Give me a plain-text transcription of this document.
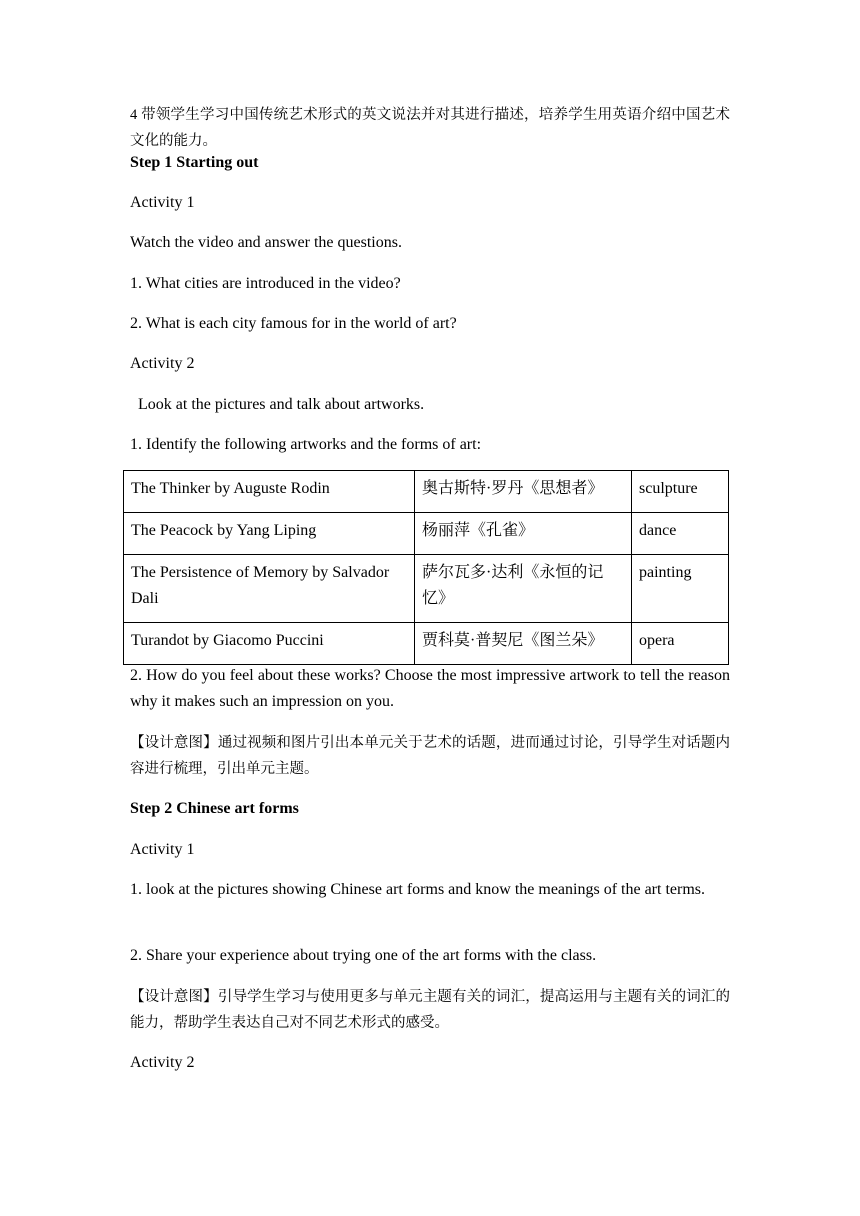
4 带领学生学习中国传统艺术形式的英文说法并对其进行描述，培养学生用英语介绍中国艺术文化的能力。

Step 1 Starting out

Activity 1

Watch the video and answer the questions.

1. What cities are introduced in the video?

2. What is each city famous for in the world of art?

Activity 2

Look at the pictures and talk about artworks.

1. Identify the following artworks and the forms of art:

The Thinker by Auguste Rodin	奥古斯特·罗丹《思想者》	sculpture
The Peacock by Yang Liping	杨丽萍《孔雀》	dance
The Persistence of Memory by Salvador Dali	萨尔瓦多·达利《永恒的记忆》	painting
Turandot by Giacomo Puccini	贾科莫·普契尼《图兰朵》	opera

2. How do you feel about these works? Choose the most impressive artwork to tell the reason why it makes such an impression on you.

【设计意图】通过视频和图片引出本单元关于艺术的话题，进而通过讨论，引导学生对话题内容进行梳理，引出单元主题。

Step 2 Chinese art forms

Activity 1

1. look at the pictures showing Chinese art forms and know the meanings of the art terms.

2. Share your experience about trying one of the art forms with the class.

【设计意图】引导学生学习与使用更多与单元主题有关的词汇，提高运用与主题有关的词汇的能力，帮助学生表达自己对不同艺术形式的感受。

Activity 2
